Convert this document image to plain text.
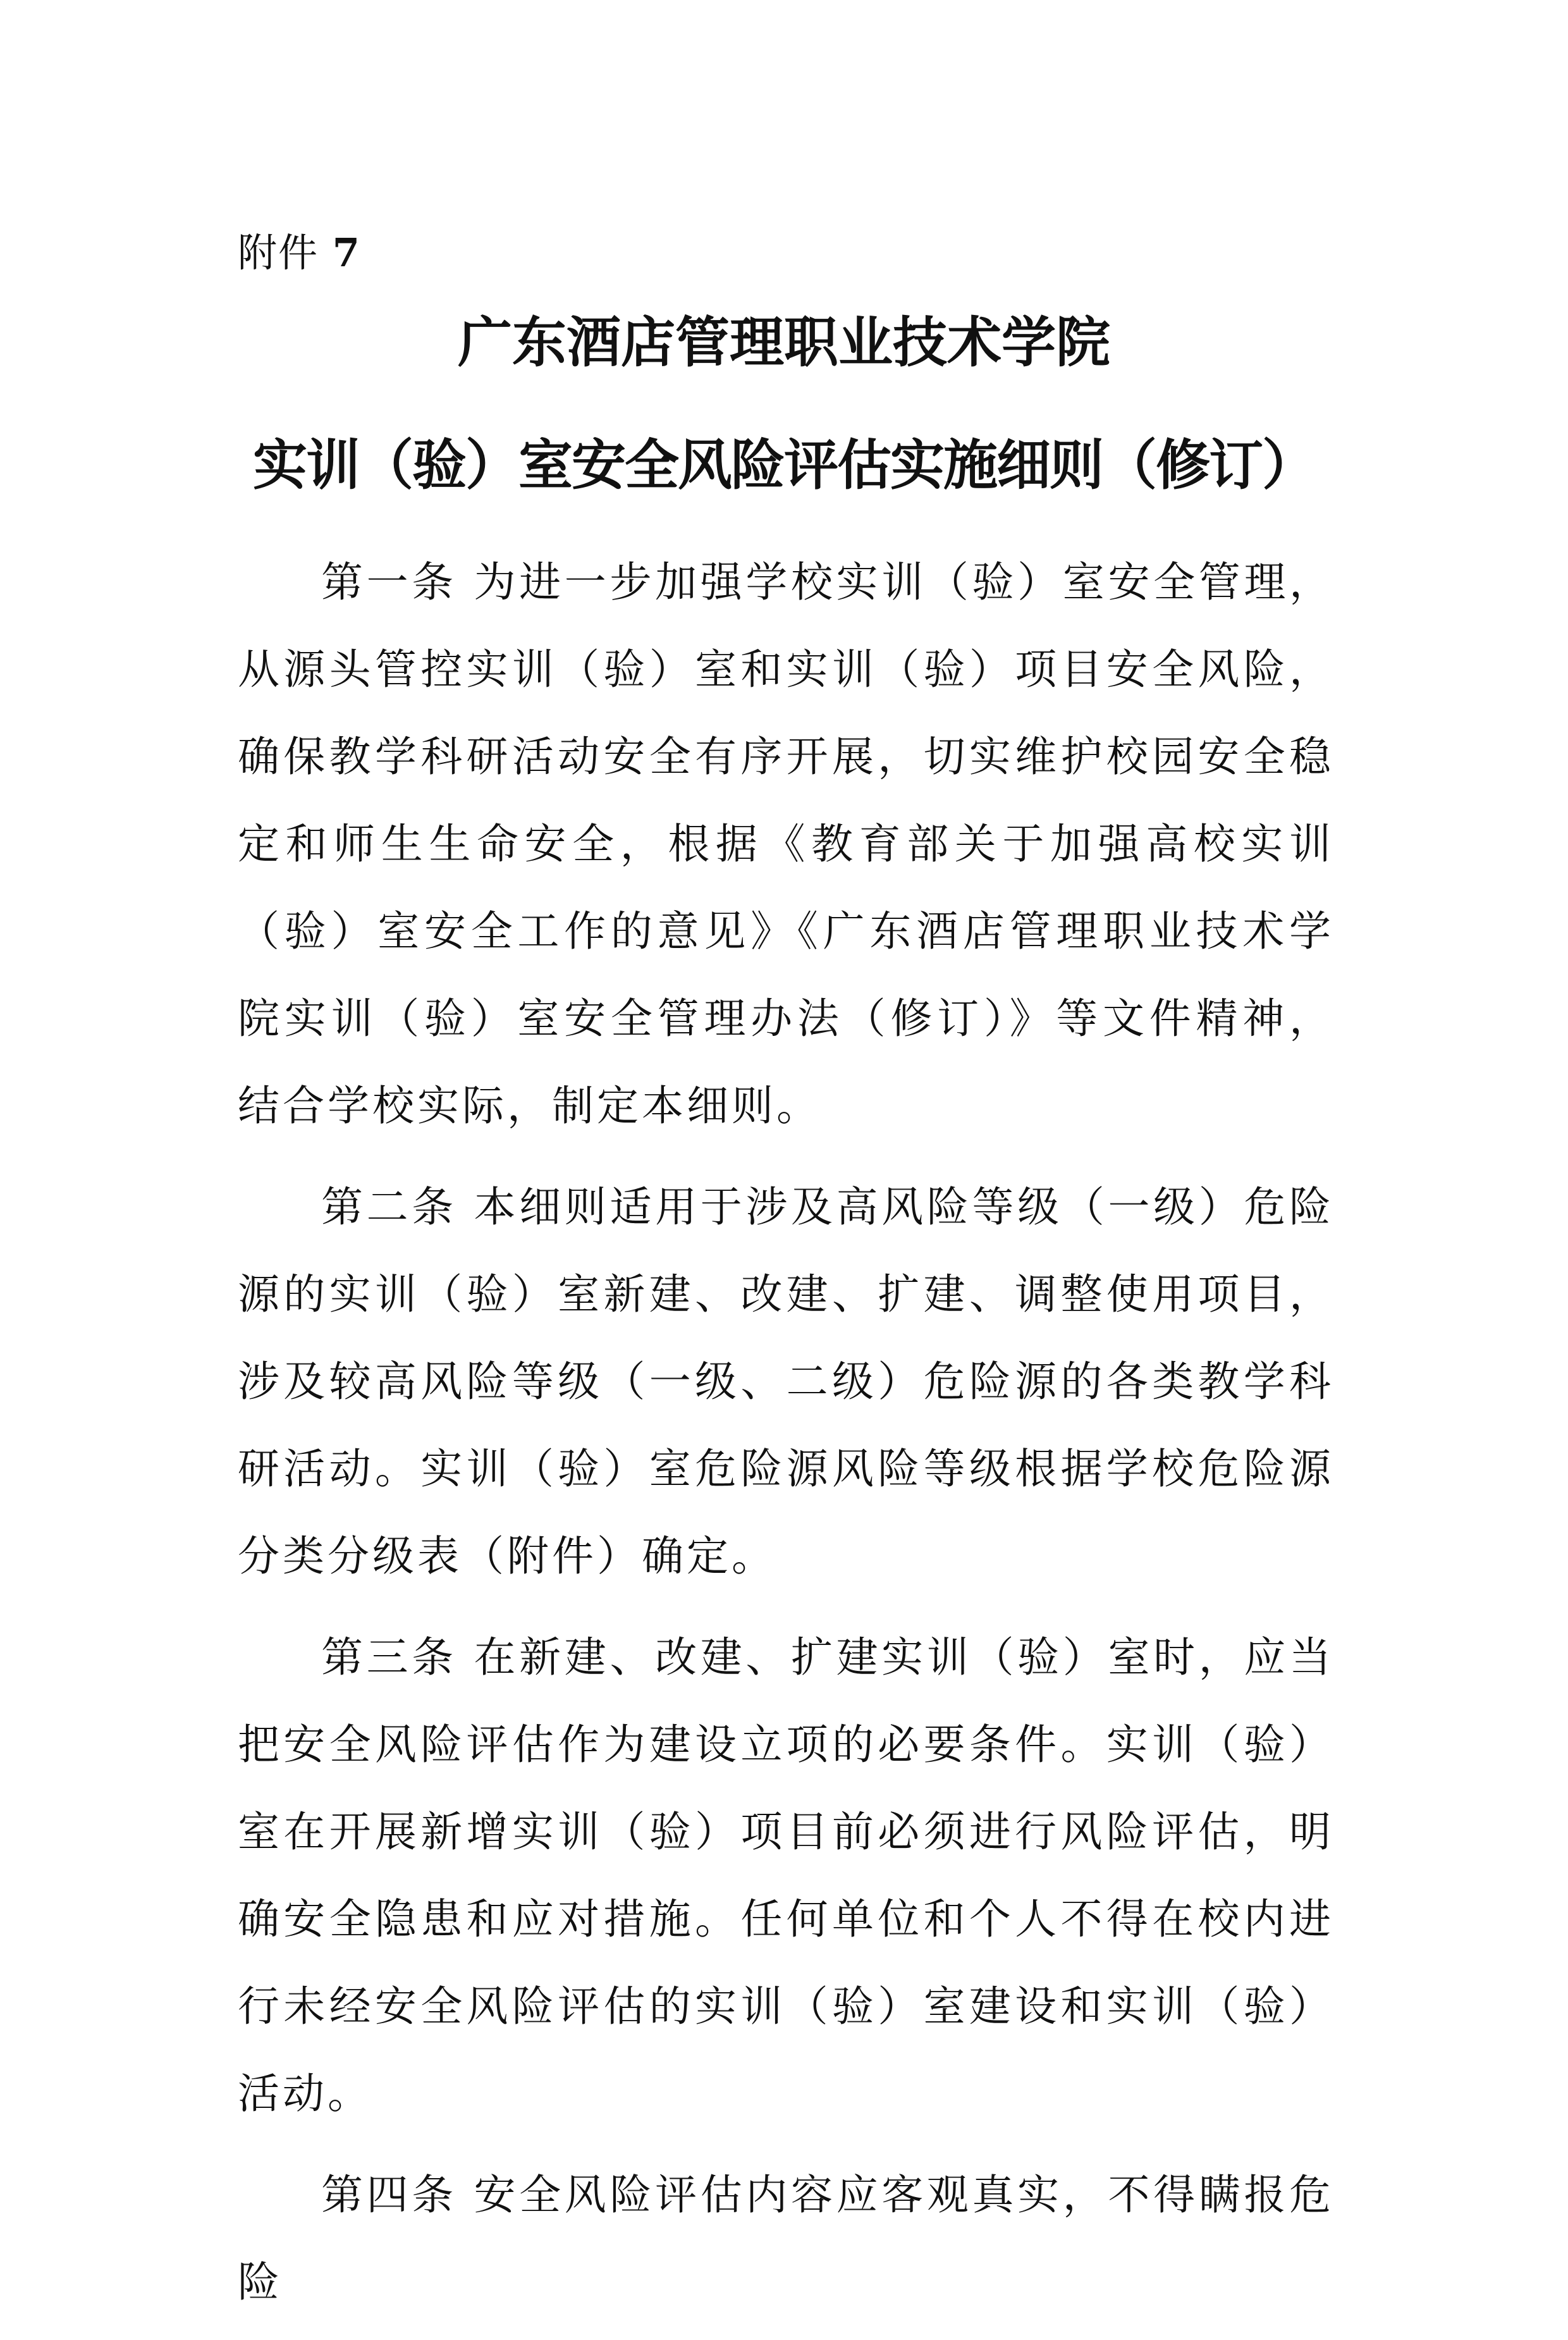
附件 7
广东酒店管理职业技术学院
实训（验）室安全风险评估实施细则（修订）

第一条 为进一步加强学校实训（验）室安全管理，从源头管控实训（验）室和实训（验）项目安全风险，确保教学科研活动安全有序开展，切实维护校园安全稳定和师生生命安全，根据《教育部关于加强高校实训（验）室安全工作的意见》《广东酒店管理职业技术学院实训（验）室安全管理办法（修订）》等文件精神，结合学校实际，制定本细则。

第二条 本细则适用于涉及高风险等级（一级）危险源的实训（验）室新建、改建、扩建、调整使用项目，涉及较高风险等级（一级、二级）危险源的各类教学科研活动。实训（验）室危险源风险等级根据学校危险源分类分级表（附件）确定。

第三条 在新建、改建、扩建实训（验）室时，应当把安全风险评估作为建设立项的必要条件。实训（验）室在开展新增实训（验）项目前必须进行风险评估，明确安全隐患和应对措施。任何单位和个人不得在校内进行未经安全风险评估的实训（验）室建设和实训（验）活动。

第四条 安全风险评估内容应客观真实，不得瞒报危险
